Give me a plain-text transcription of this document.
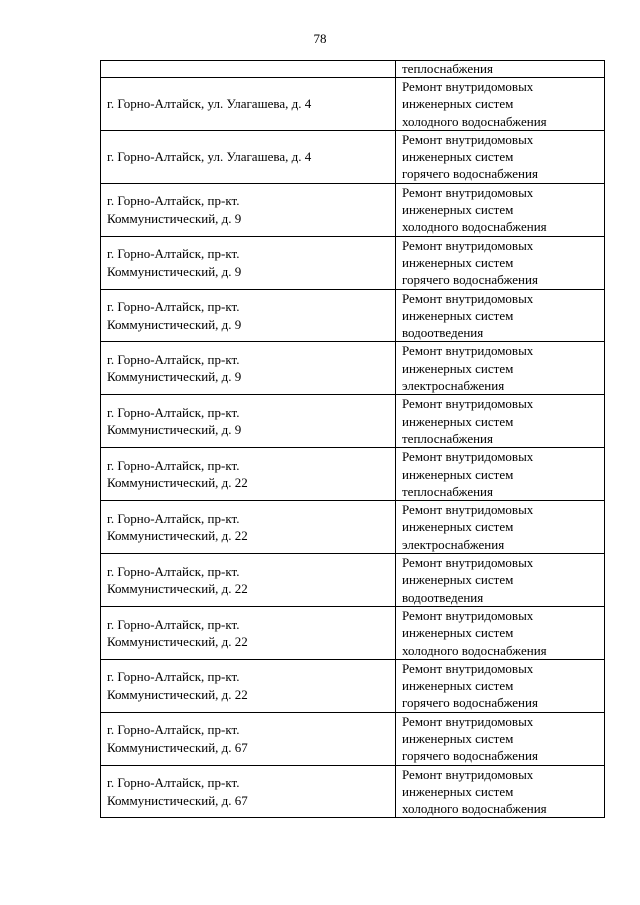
78
	теплоснабжения
г. Горно-Алтайск, ул. Улагашева, д. 4	Ремонт внутридомовых
инженерных систем
холодного водоснабжения
г. Горно-Алтайск, ул. Улагашева, д. 4	Ремонт внутридомовых
инженерных систем
горячего водоснабжения
г. Горно-Алтайск, пр-кт.
Коммунистический, д. 9	Ремонт внутридомовых
инженерных систем
холодного водоснабжения
г. Горно-Алтайск, пр-кт.
Коммунистический, д. 9	Ремонт внутридомовых
инженерных систем
горячего водоснабжения
г. Горно-Алтайск, пр-кт.
Коммунистический, д. 9	Ремонт внутридомовых
инженерных систем
водоотведения
г. Горно-Алтайск, пр-кт.
Коммунистический, д. 9	Ремонт внутридомовых
инженерных систем
электроснабжения
г. Горно-Алтайск, пр-кт.
Коммунистический, д. 9	Ремонт внутридомовых
инженерных систем
теплоснабжения
г. Горно-Алтайск, пр-кт.
Коммунистический, д. 22	Ремонт внутридомовых
инженерных систем
теплоснабжения
г. Горно-Алтайск, пр-кт.
Коммунистический, д. 22	Ремонт внутридомовых
инженерных систем
электроснабжения
г. Горно-Алтайск, пр-кт.
Коммунистический, д. 22	Ремонт внутридомовых
инженерных систем
водоотведения
г. Горно-Алтайск, пр-кт.
Коммунистический, д. 22	Ремонт внутридомовых
инженерных систем
холодного водоснабжения
г. Горно-Алтайск, пр-кт.
Коммунистический, д. 22	Ремонт внутридомовых
инженерных систем
горячего водоснабжения
г. Горно-Алтайск, пр-кт.
Коммунистический, д. 67	Ремонт внутридомовых
инженерных систем
горячего водоснабжения
г. Горно-Алтайск, пр-кт.
Коммунистический, д. 67	Ремонт внутридомовых
инженерных систем
холодного водоснабжения
